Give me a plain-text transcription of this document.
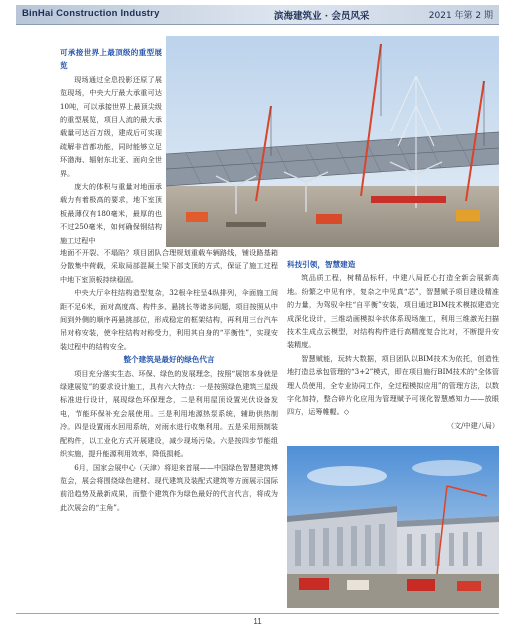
BinHai Construction Industry	滨海建筑业 · 会员风采	2021 年第 2 期
可承接世界上最顶级的重型展览

现场通过全息投影还原了展览现场，中央大厅最大承重可达10吨，可以承接世界上最顶尖级的重型展览，项目人流的最大承载量可达百万级，建成后可实现疏解非首都功能，同时能够立足环渤海、辐射东北亚、面向全世界。

庞大的体积与重量对地面承载力有着极高的要求，地下室顶板最薄仅有180毫米，最厚的也不过250毫米，如何确保钢结构施工过程中

地面不开裂、不塌陷？项目团队合理规划重载车辆路线，铺设路基箱分散集中荷载，采取局部混凝土梁下部支顶的方式，保证了施工过程中地下室顶板持续稳固。

中央大厅伞柱结构造型复杂，32根伞柱呈4纵排列，伞面施工间距不足6米，面对高度高、构件多、悬挑长等诸多问题，项目按照从中间到外侧的顺序再悬挑部位，形成稳定的框架结构，再利用三台汽车吊对称安装，使伞柱结构对称受力，利用其自身的“平衡性”，实现安装过程中的结构安全。

整个建筑是最好的绿色代言

项目充分落实生态、环保、绿色的发展理念，按照“展馆本身就是绿建展览”的要求设计施工，具有六大特点：一是按照绿色建筑三星级标准进行设计，展现绿色环保理念，二是利用屋顶设置光伏设备发电，节能环保补充会展使用。三是利用地源热泵系统，辅助供热制冷。四是设置雨水回用系统，对雨水进行收集利用。五是采用预制装配构件，以工业化方式开展建设，减少现场污染。六是按四步节能组织实施，提升能源利用效率，降低损耗。

6月，国家会展中心（天津）将迎来首展——中国绿色智慧建筑博览会，展会将围绕绿色建材、现代建筑及装配式建筑等方面展示国际前沿趋势及最新成果，而整个建筑作为绿色最好的代言代言，将成为此次展会的“主角”。

科技引领，智慧建造

筑品质工程，树精品标杆，中建八局匠心打造全新会展新高地。纷繁之中见有序，复杂之中见真“芯”，智慧赋予项目建设精准的力量，为驾驭伞柱“自平衡”安装，项目通过BIM技术模拟建造完成深化设计，三维动画模拟伞状体系现场施工，利用三维激光扫描技术生成点云模型，对结构构件进行高精度复合比对，不断提升安装精度。

智慧赋能，玩转大数据，项目团队以BIM技术为依托，创造性地打造总承包管理的“3+2”模式，即在项目施行BIM技术的“全体管理人员使用，全专业协同工作，全过程模拟应用”的管理方法，以数字化加持，整合碎片化应用为管理赋予可视化智慧感知力——放眼四方，运筹帷幄。◇

（文/中建八局）
11
